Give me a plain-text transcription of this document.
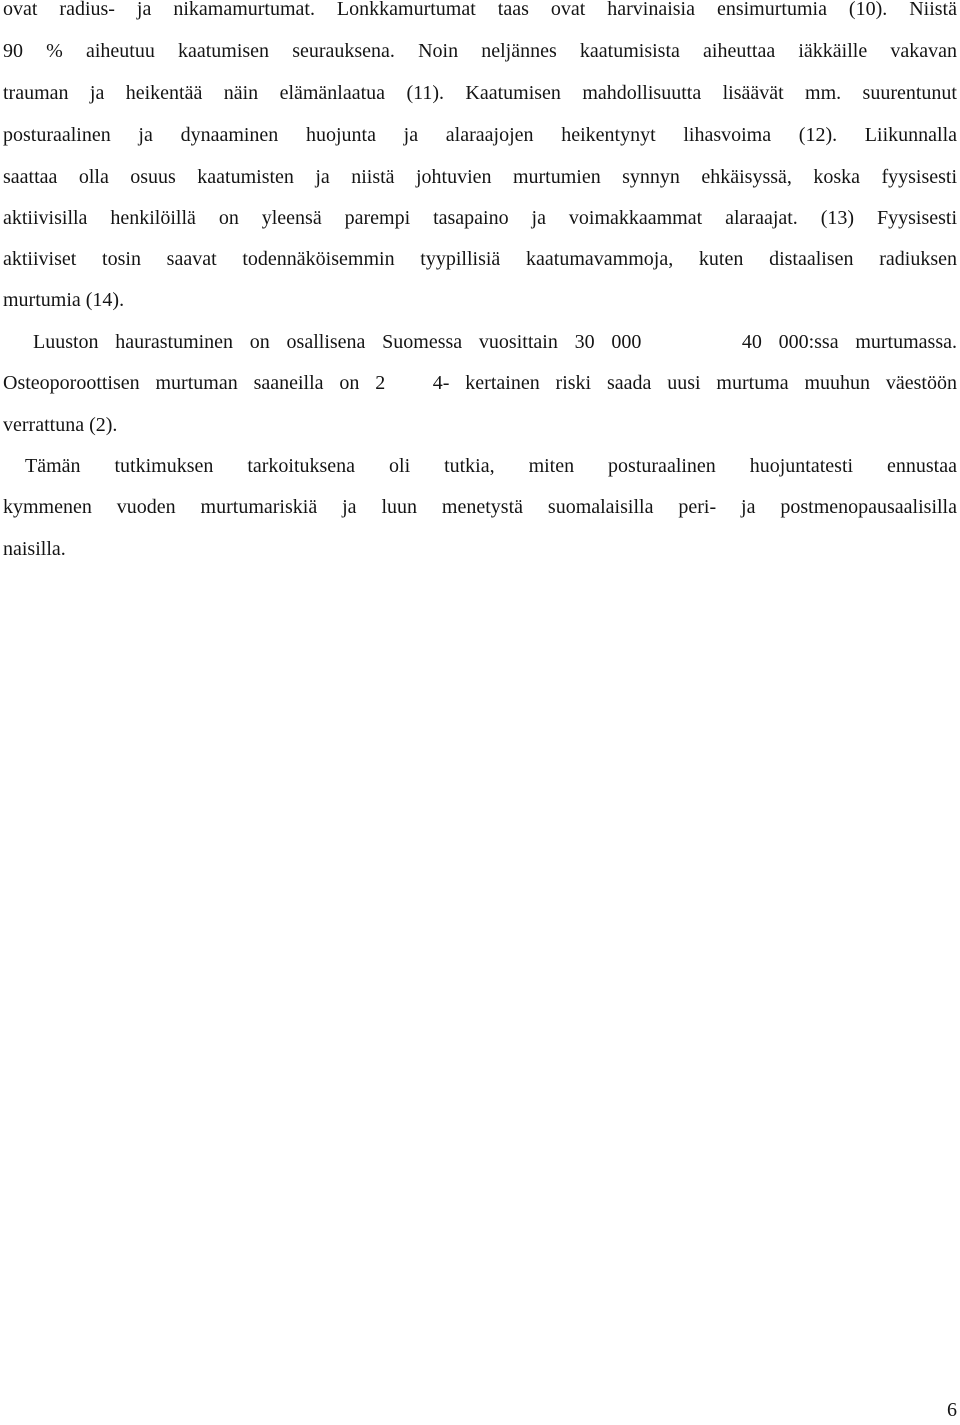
ovat radius- ja nikamamurtumat. Lonkkamurtumat taas ovat harvinaisia ensimurtumia (10). Niistä
90 % aiheutuu kaatumisen seurauksena. Noin neljännes kaatumisista aiheuttaa iäkkäille vakavan
trauman ja heikentää näin elämänlaatua (11). Kaatumisen mahdollisuutta lisäävät mm. suurentunut
posturaalinen ja dynaaminen huojunta ja alaraajojen heikentynyt lihasvoima (12). Liikunnalla
saattaa olla osuus kaatumisten ja niistä johtuvien murtumien synnyn ehkäisyssä, koska fyysisesti
aktiivisilla henkilöillä on yleensä parempi tasapaino ja voimakkaammat alaraajat. (13) Fyysisesti
aktiiviset tosin saavat todennäköisemmin tyypillisiä kaatumavammoja, kuten distaalisen radiuksen
murtumia (14).
Luuston haurastuminen on osallisena Suomessa vuosittain 30 000      40 000:ssa murtumassa.
Osteoporoottisen murtuman saaneilla on 2   4- kertainen riski saada uusi murtuma muuhun väestöön
verrattuna (2).
Tämän tutkimuksen tarkoituksena oli tutkia, miten posturaalinen huojuntatesti ennustaa
kymmenen vuoden murtumariskiä ja luun menetystä suomalaisilla peri- ja postmenopausaalisilla
naisilla.
6
